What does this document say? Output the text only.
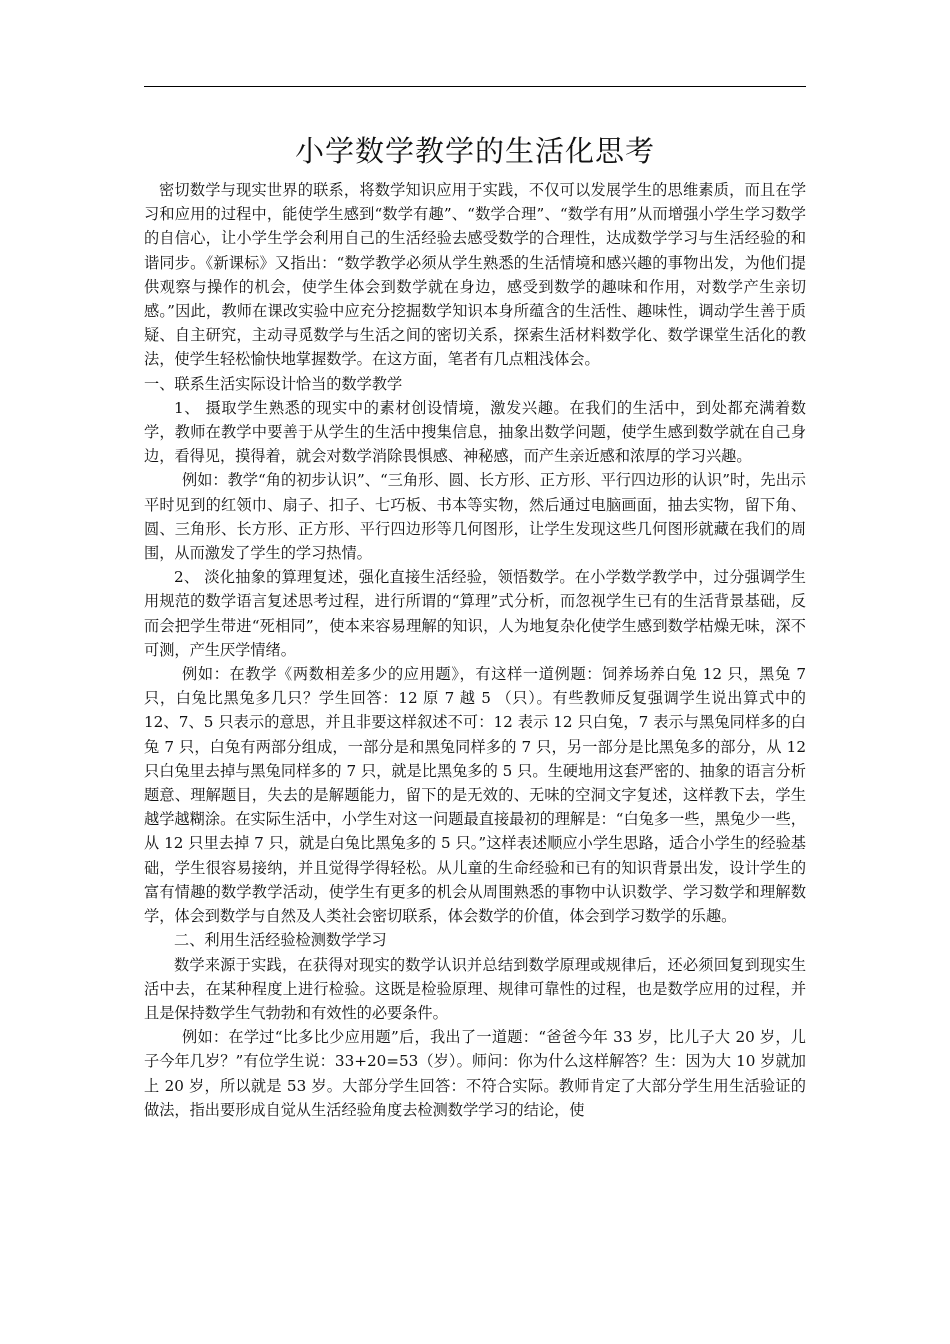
小学数学教学的生活化思考

密切数学与现实世界的联系，将数学知识应用于实践，不仅可以发展学生的思维素质，而且在学习和应用的过程中，能使学生感到“数学有趣”、“数学合理”、“数学有用”从而增强小学生学习数学的自信心，让小学生学会利用自己的生活经验去感受数学的合理性，达成数学学习与生活经验的和谐同步。《新课标》又指出：“数学教学必须从学生熟悉的生活情境和感兴趣的事物出发，为他们提供观察与操作的机会，使学生体会到数学就在身边，感受到数学的趣味和作用，对数学产生亲切感。”因此，教师在课改实验中应充分挖掘数学知识本身所蕴含的生活性、趣味性，调动学生善于质疑、自主研究，主动寻觅数学与生活之间的密切关系，探索生活材料数学化、数学课堂生活化的教法，使学生轻松愉快地掌握数学。在这方面，笔者有几点粗浅体会。

一、联系生活实际设计恰当的数学教学

1、 摄取学生熟悉的现实中的素材创设情境，激发兴趣。在我们的生活中，到处都充满着数学，教师在教学中要善于从学生的生活中搜集信息，抽象出数学问题，使学生感到数学就在自己身边，看得见，摸得着，就会对数学消除畏惧感、神秘感，而产生亲近感和浓厚的学习兴趣。

例如：教学“角的初步认识”、“三角形、圆、长方形、正方形、平行四边形的认识”时，先出示平时见到的红领巾、扇子、扣子、七巧板、书本等实物，然后通过电脑画面，抽去实物，留下角、圆、三角形、长方形、正方形、平行四边形等几何图形，让学生发现这些几何图形就藏在我们的周围，从而激发了学生的学习热情。

2、 淡化抽象的算理复述，强化直接生活经验，领悟数学。在小学数学教学中，过分强调学生用规范的数学语言复述思考过程，进行所谓的“算理”式分析，而忽视学生已有的生活背景基础，反而会把学生带进“死相同”，使本来容易理解的知识，人为地复杂化使学生感到数学枯燥无味，深不可测，产生厌学情绪。

例如：在教学《两数相差多少的应用题》，有这样一道例题：饲养场养白兔 12 只，黑兔 7 只，白兔比黑兔多几只？学生回答：12 原 7 越 5 （只）。有些教师反复强调学生说出算式中的 12、7、5 只表示的意思，并且非要这样叙述不可：12 表示 12 只白兔，7 表示与黑兔同样多的白兔 7 只，白兔有两部分组成，一部分是和黑兔同样多的 7 只，另一部分是比黑兔多的部分，从 12 只白兔里去掉与黑兔同样多的 7 只，就是比黑兔多的 5 只。生硬地用这套严密的、抽象的语言分析题意、理解题目，失去的是解题能力，留下的是无效的、无味的空洞文字复述，这样教下去，学生越学越糊涂。在实际生活中，小学生对这一问题最直接最初的理解是：“白兔多一些，黑兔少一些，从 12 只里去掉 7 只，就是白兔比黑兔多的 5 只。”这样表述顺应小学生思路，适合小学生的经验基础，学生很容易接纳，并且觉得学得轻松。从儿童的生命经验和已有的知识背景出发，设计学生的富有情趣的数学教学活动，使学生有更多的机会从周围熟悉的事物中认识数学、学习数学和理解数学，体会到数学与自然及人类社会密切联系，体会数学的价值，体会到学习数学的乐趣。

二、利用生活经验检测数学学习

数学来源于实践，在获得对现实的数学认识并总结到数学原理或规律后，还必须回复到现实生活中去，在某种程度上进行检验。这既是检验原理、规律可靠性的过程，也是数学应用的过程，并且是保持数学生气勃勃和有效性的必要条件。

例如：在学过“比多比少应用题”后，我出了一道题：“爸爸今年 33 岁，比儿子大 20 岁，儿子今年几岁？”有位学生说：33+20=53（岁）。师问：你为什么这样解答？生：因为大 10 岁就加上 20 岁，所以就是 53 岁。大部分学生回答：不符合实际。教师肯定了大部分学生用生活验证的做法，指出要形成自觉从生活经验角度去检测数学学习的结论，使
